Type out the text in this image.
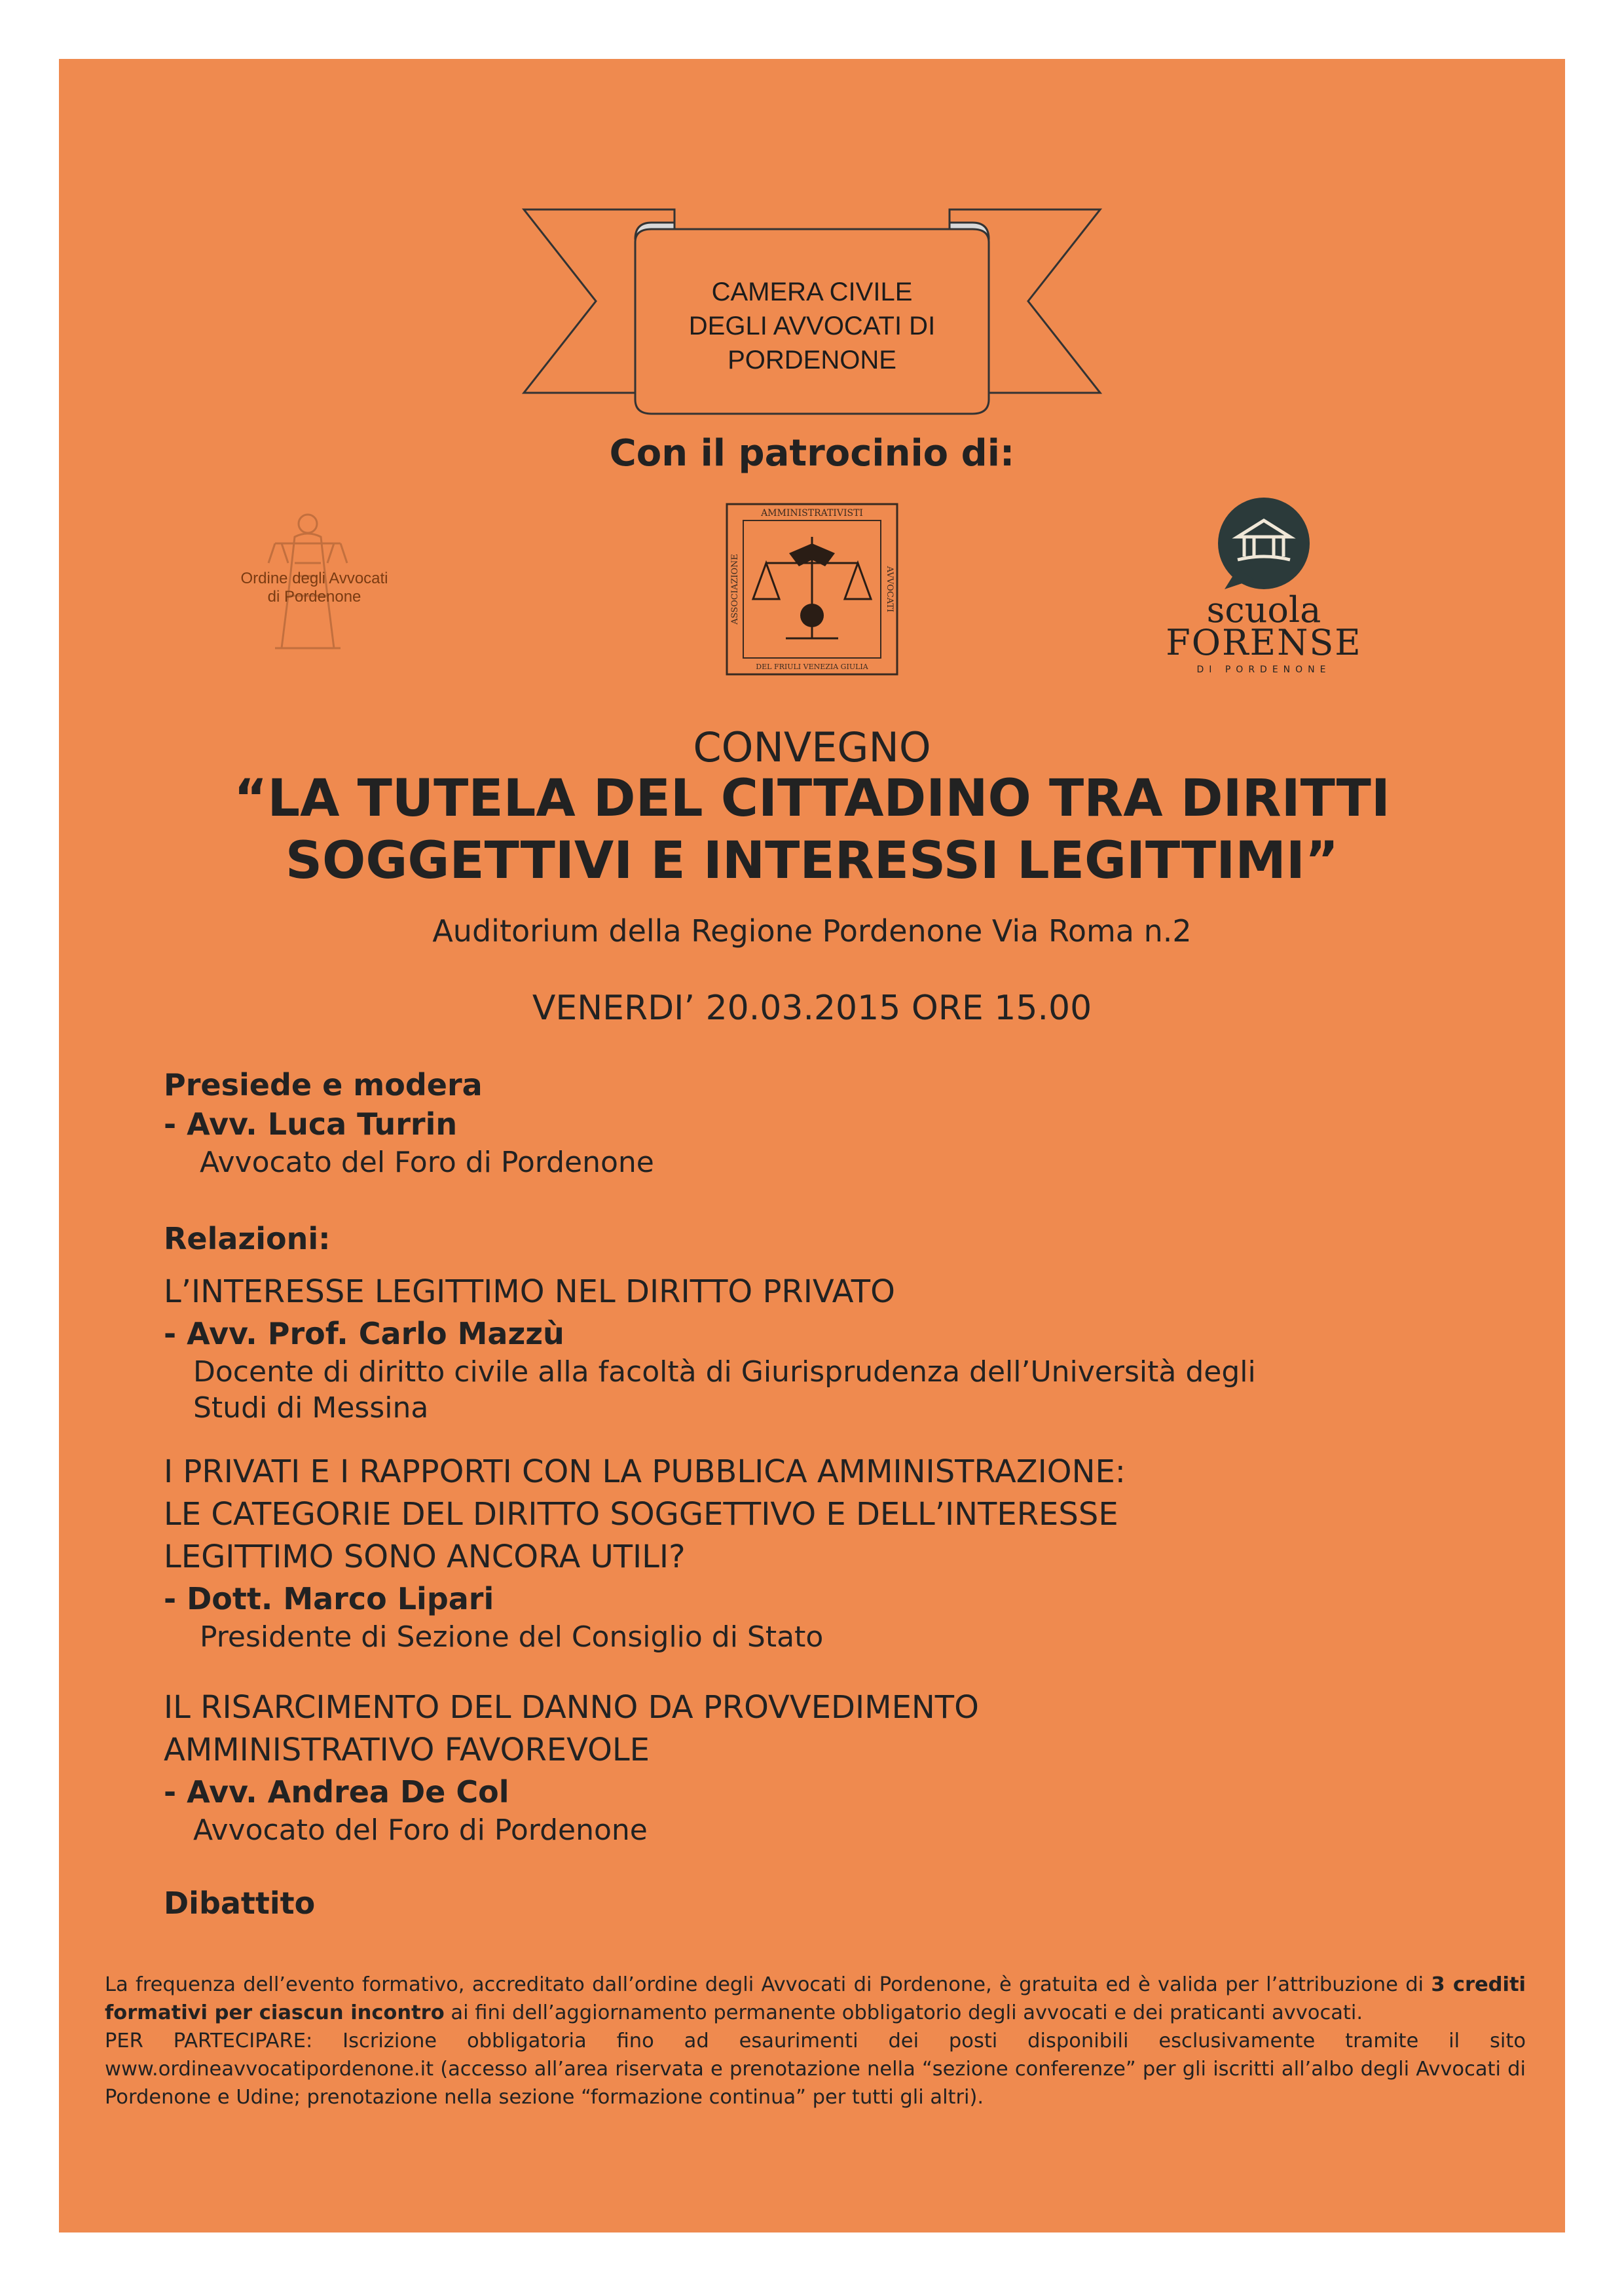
CAMERA CIVILE
DEGLI AVVOCATI DI
PORDENONE
Con il patrocinio di:
Ordine degli Avvocati
di Pordenone
AMMINISTRATIVISTI
DEL FRIULI VENEZIA GIULIA
ASSOCIAZIONE	AVVOCATI	scuola
FORENSE
DI PORDENONE
CONVEGNO
“LA TUTELA DEL CITTADINO TRA DIRITTI
SOGGETTIVI E INTERESSI LEGITTIMI”
Auditorium della Regione Pordenone Via Roma n.2
VENERDI’ 20.03.2015 ORE 15.00
Presiede e modera
- Avv. Luca Turrin
Avvocato del Foro di Pordenone
Relazioni:
L’INTERESSE LEGITTIMO NEL DIRITTO PRIVATO
- Avv. Prof. Carlo Mazzù
Docente di diritto civile alla facoltà di Giurisprudenza dell’Università degli
Studi di Messina
I PRIVATI E I RAPPORTI CON LA PUBBLICA AMMINISTRAZIONE:
LE CATEGORIE DEL DIRITTO SOGGETTIVO E DELL’INTERESSE
LEGITTIMO SONO ANCORA UTILI?
- Dott. Marco Lipari
Presidente di Sezione del Consiglio di Stato
IL RISARCIMENTO DEL DANNO DA PROVVEDIMENTO
AMMINISTRATIVO FAVOREVOLE
- Avv. Andrea De Col
Avvocato del Foro di Pordenone
Dibattito

La frequenza dell’evento formativo, accreditato dall’ordine degli Avvocati di Pordenone, è gratuita ed è valida per l’attribuzione di 3 crediti formativi per ciascun incontro ai fini dell’aggiornamento permanente obbligatorio degli avvocati e dei praticanti avvocati.

PER PARTECIPARE: Iscrizione obbligatoria fino ad esaurimenti dei posti disponibili esclusivamente tramite il sito www.ordineavvocatipordenone.it (accesso all’area riservata e prenotazione nella “sezione conferenze” per gli iscritti all’albo degli Avvocati di Pordenone e Udine; prenotazione nella sezione “formazione continua” per tutti gli altri).
